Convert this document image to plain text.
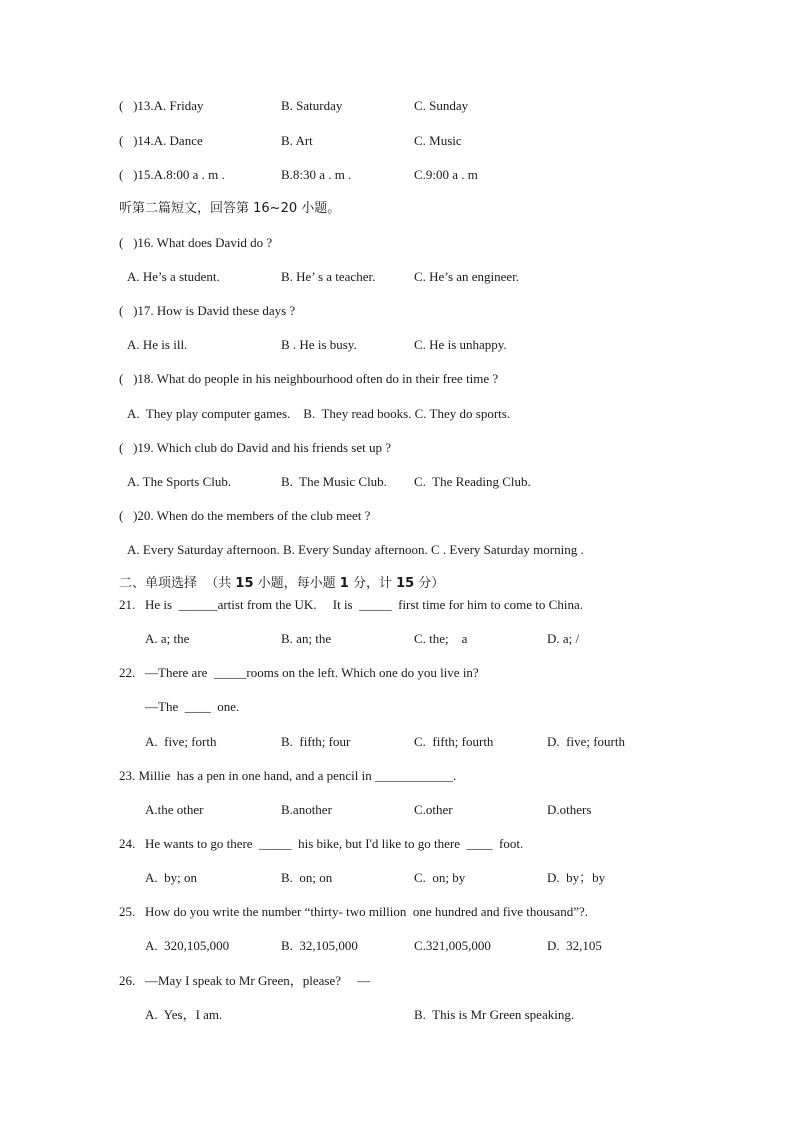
(   )13.A. Friday	B. Saturday	C. Sunday
(   )14.A. Dance	B. Art	C. Music
(   )15.A.8:00 a . m .	B.8:30 a . m .	C.9:00 a . m
听第二篇短文，回答第 16~20 小题。
(   )16. What does David do ?
A. He’s a student.	B. He’ s a teacher.	C. He’s an engineer.
(   )17. How is David these days ?
A. He is ill.	B . He is busy.	C. He is unhappy.
(   )18. What do people in his neighbourhood often do in their free time ?
A.  They play computer games.    B.  They read books. C. They do sports.
(   )19. Which club do David and his friends set up ?
A. The Sports Club.	B.  The Music Club. C.  The Reading Club.
(   )20. When do the members of the club meet ?
A. Every Saturday afternoon. B. Every Sunday afternoon. C . Every Saturday morning .
二、单项选择  （共 15 小题，每小题 1 分，计 15 分）
21.   He is  ______artist from the UK.     It is  _____  first time for him to come to China.
A. a; the	B. an; the	C. the;    a	D. a; /
22.   —There are  _____rooms on the left. Which one do you live in?
—The  ____  one.
A.  five; forth	B.  fifth; four	C.  fifth; fourth	D.  five; fourth
23. Millie  has a pen in one hand, and a pencil in ____________.
A.the other	B.another	C.other	D.others
24.   He wants to go there  _____  his bike, but I'd like to go there  ____  foot.
A.  by; on	B.  on; on	C.  on; by	D.  by；by
25.   How do you write the number “thirty- two million  one hundred and five thousand”?.
A.  320,105,000	B.  32,105,000	C.321,005,000	D.  32,105
26.   —May I speak to Mr Green，please?     —
A.  Yes，I am.	B.  This is Mr Green speaking.
